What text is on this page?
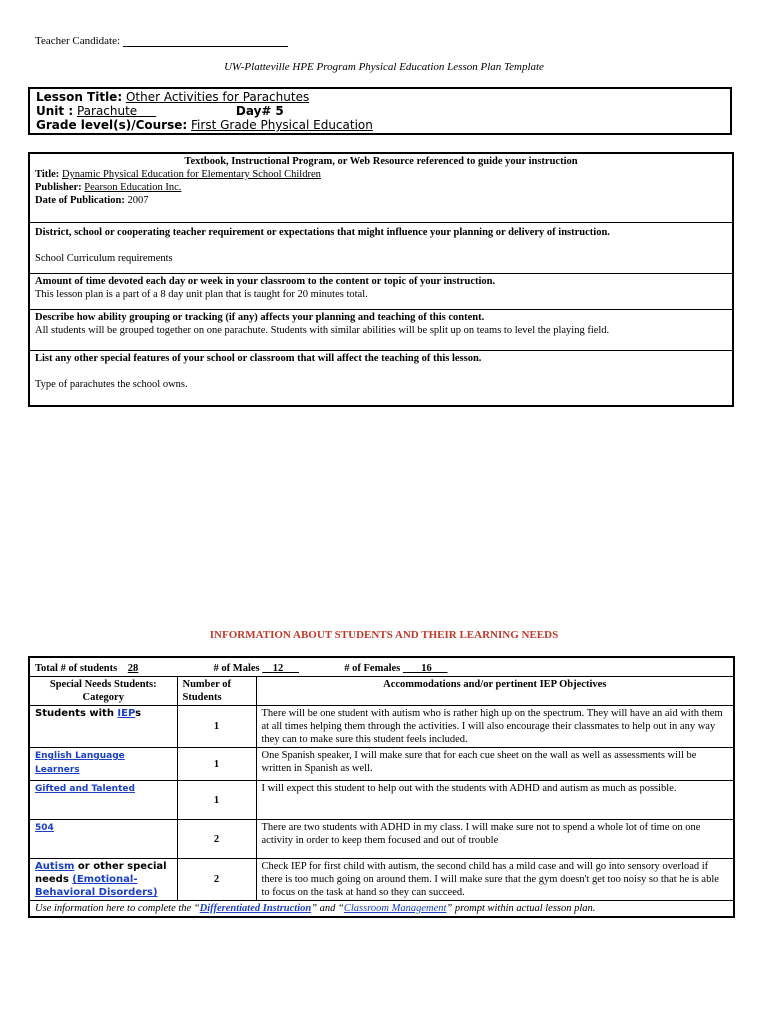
Teacher Candidate:
UW-Platteville HPE Program Physical Education Lesson Plan Template
Lesson Title: Other Activities for Parachutes
Unit : Parachute	Day# 5
Grade level(s)/Course: First Grade Physical Education
Textbook, Instructional Program, or Web Resource referenced to guide your instruction
Title: Dynamic Physical Education for Elementary School Children
Publisher: Pearson Education Inc.
Date of Publication: 2007

District, school or cooperating teacher requirement or expectations that might influence your planning or delivery of instruction.
School Curriculum requirements

Amount of time devoted each day or week in your classroom to the content or topic of your instruction.
This lesson plan is a part of a 8 day unit plan that is taught for 20 minutes total.

Describe how ability grouping or tracking (if any) affects your planning and teaching of this content.
All students will be grouped together on one parachute. Students with similar abilities will be split up on teams to level the playing field.

List any other special features of your school or classroom that will affect the teaching of this lesson.
Type of parachutes the school owns.
INFORMATION ABOUT STUDENTS AND THEIR LEARNING NEEDS
Total # of students 28 # of Males 12 # of Females 16		
Special Needs Students: Category	Number of Students	Accommodations and/or pertinent IEP Objectives
Students with IEPs	1	There will be one student with autism who is rather high up on the spectrum. They will have an aid with them at all times helping them through the activities. I will also encourage their classmates to help out in any way they can to make sure this student feels included.
English Language Learners	1	One Spanish speaker, I will make sure that for each cue sheet on the wall as well as assessments will be written in Spanish as well.
Gifted and Talented	1	I will expect this student to help out with the students with ADHD and autism as much as possible.
504	2	There are two students with ADHD in my class. I will make sure not to spend a whole lot of time on one activity in order to keep them focused and out of trouble
Autism or other special needs (Emotional-Behavioral Disorders)	2	Check IEP for first child with autism, the second child has a mild case and will go into sensory overload if there is too much going on around them. I will make sure that the gym doesn't get too noisy so that he is able to focus on the task at hand so they can succeed.
Use information here to complete the “Differentiated Instruction” and “Classroom Management” prompt within actual lesson plan.		
